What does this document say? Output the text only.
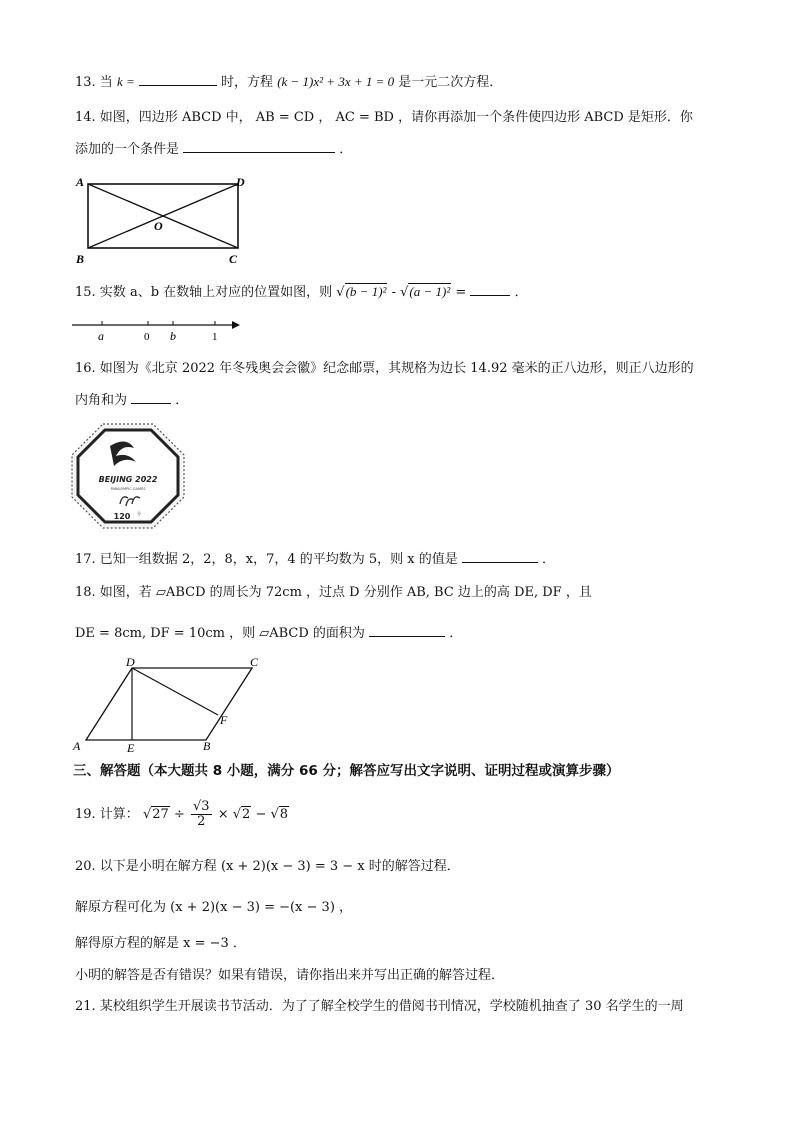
13. 当 k =	时，方程 (k − 1)x² + 3x + 1 = 0 是一元二次方程．
14. 如图，四边形 ABCD 中， AB = CD ， AC = BD ，请你再添加一个条件使四边形 ABCD 是矩形．你
添加的一个条件是	．
A	D
B	C
O
15. 实数 a、b 在数轴上对应的位置如图，则 √(b − 1)² - √(a − 1)² =	．
a	0 b	1
16. 如图为《北京 2022 年冬残奥会会徽》纪念邮票，其规格为边长 14.92 毫米的正八边形，则正八边形的
内角和为	．
BEIJING 2022
PARALYMPIC GAMES
120 分
17. 已知一组数据 2，2，8，x，7，4 的平均数为 5，则 x 的值是	．
18. 如图，若 ▱ABCD 的周长为 72cm ，过点 D 分别作 AB, BC 边上的高 DE, DF ，且
DE = 8cm, DF = 10cm ，则 ▱ABCD 的面积为	．
A	B
C
D
E
F
三、解答题（本大题共 8 小题，满分 66 分；解答应写出文字说明、证明过程或演算步骤）
19. 计算： $√27 \div \frac{√3}{2} \times √2 - √8$
20. 以下是小明在解方程 (x + 2)(x − 3) = 3 − x 时的解答过程．
解原方程可化为 (x + 2)(x − 3) = −(x − 3) ，
解得原方程的解是 x = −3 ．
小明的解答是否有错误？如果有错误，请你指出来并写出正确的解答过程．
21. 某校组织学生开展读书节活动．为了了解全校学生的借阅书刊情况，学校随机抽查了 30 名学生的一周
